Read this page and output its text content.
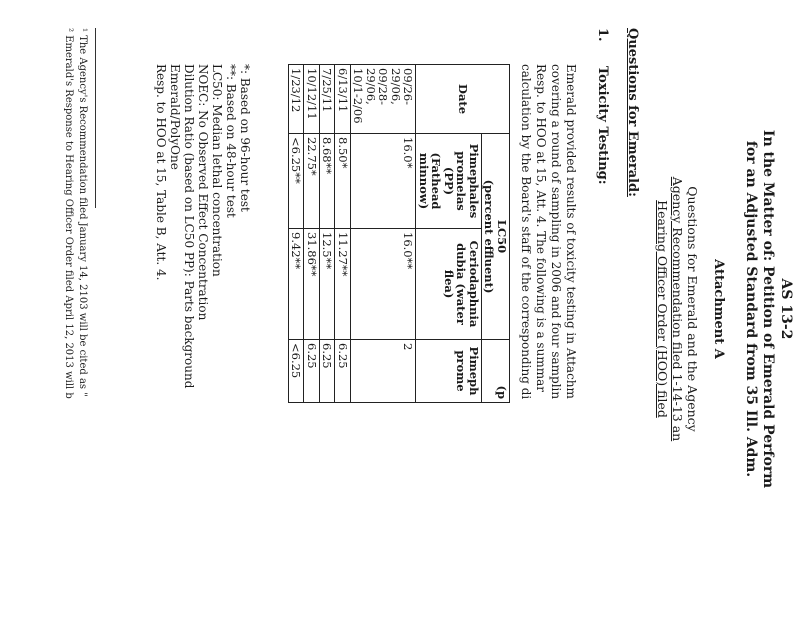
AS 13-2
In the Matter of: Petition of Emerald Perform
for an Adjusted Standard from 35 Ill. Adm.
Attachment A
Questions for Emerald and the Agency
Agency Recommendation filed 1-14-13 an
Hearing Officer Order (HOO) filed
Questions for Emerald:
1.Toxicity Testing:
Emerald provided results of toxicity testing in Attachm
covering a round of sampling in 2006 and four samplin
Resp. to HOO at 15, Att. 4. The following is a summar
calculation by the Board's staff of the corresponding di
Date	LC50
(percent effluent)		(p
	Pimephales promelas (PP) (Fathead minnow)	Ceriodaphnia dubia (water flea)	Pimeph prome
09/26-29/06, 09/28-29/06, 10/1-2/06	16.0*	16.0**	2
6/13/11	8.50*	11.27**	6.25
7/25/11	8.68**	12.5**	6.25
10/12/11	22.75*	31.86**	6.25
1/23/12	<6.25**	9.42**	<6.25
*: Based on 96-hour test
**: Based on 48-hour test
LC50: Median lethal concentration
NOEC: No Observed Effect Concentration
Dilution Ratio (based on LC50 PP): Parts background
Emerald/PolyOne
Resp. to HOO at 15, Table B, Att. 4.
¹ The Agency's Recommendation filed January 14, 2103 will be cited as "
² Emerald's Response to Hearing Officer Order filed April 12, 2013 will b
